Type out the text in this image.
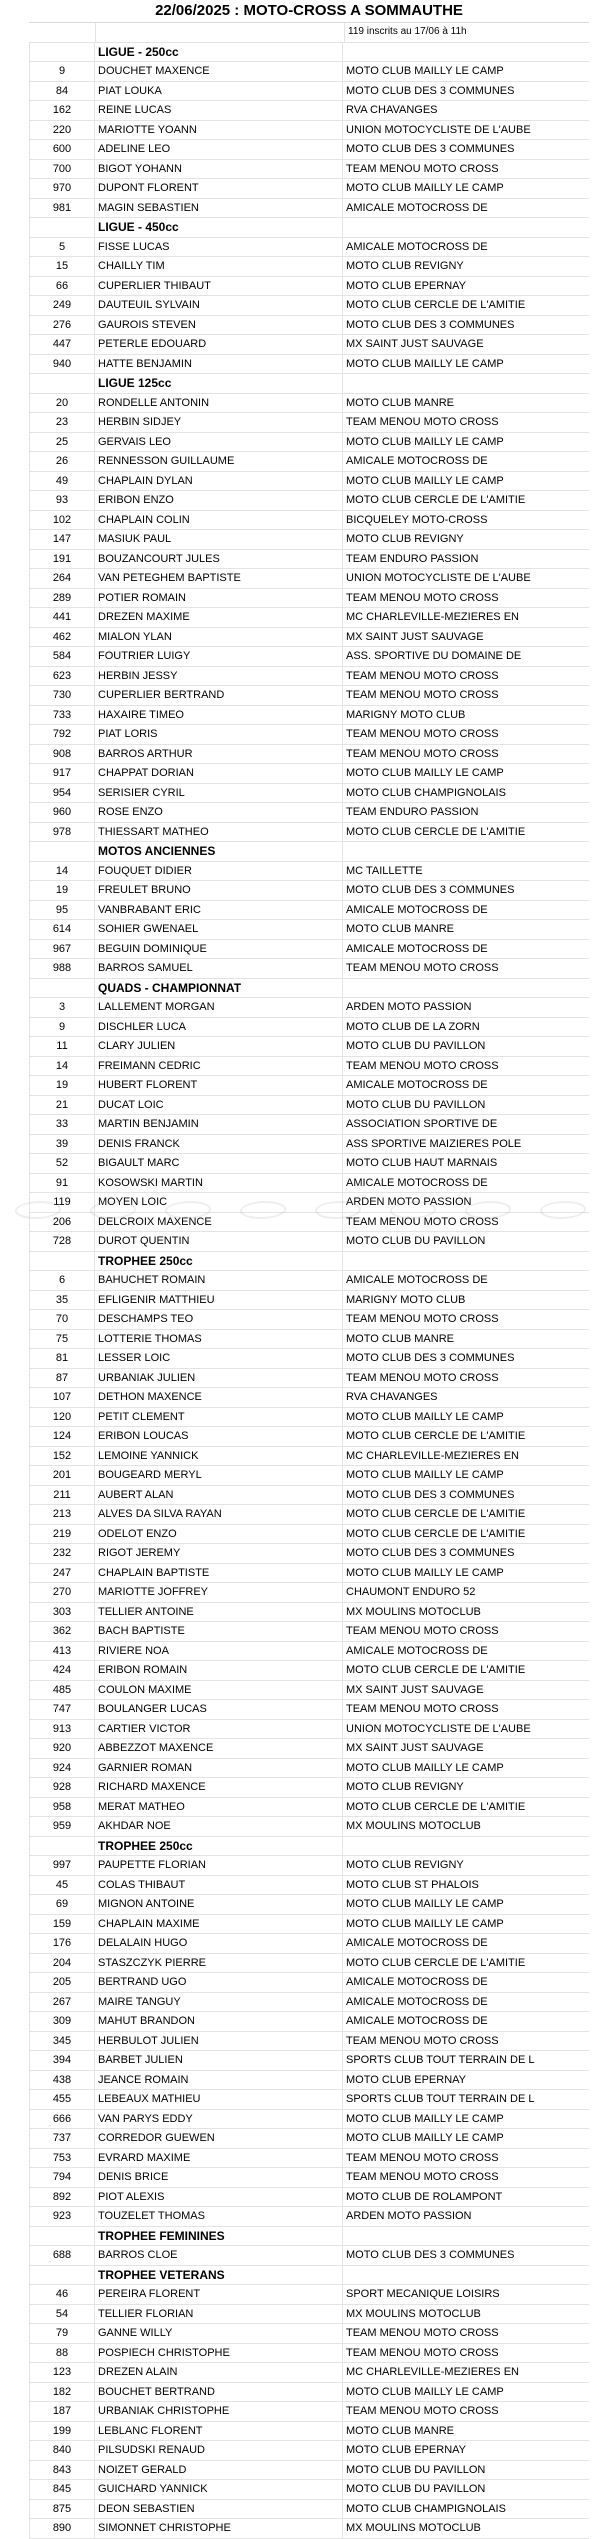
22/06/2025 : MOTO-CROSS A SOMMAUTHE
119 inscrits au 17/06 à 11h
LIGUE - 250cc
9	DOUCHET MAXENCE	MOTO CLUB MAILLY LE CAMP
84	PIAT LOUKA	MOTO CLUB DES 3 COMMUNES
162	REINE LUCAS	RVA CHAVANGES
220	MARIOTTE YOANN	UNION MOTOCYCLISTE DE L'AUBE
600	ADELINE LEO	MOTO CLUB DES 3 COMMUNES
700	BIGOT YOHANN	TEAM MENOU MOTO CROSS
970	DUPONT FLORENT	MOTO CLUB MAILLY LE CAMP
981	MAGIN SEBASTIEN	AMICALE MOTOCROSS DE
LIGUE - 450cc
5	FISSE LUCAS	AMICALE MOTOCROSS DE
15	CHAILLY TIM	MOTO CLUB REVIGNY
66	CUPERLIER THIBAUT	MOTO CLUB EPERNAY
249	DAUTEUIL SYLVAIN	MOTO CLUB CERCLE DE L'AMITIE
276	GAUROIS STEVEN	MOTO CLUB DES 3 COMMUNES
447	PETERLE EDOUARD	MX SAINT JUST SAUVAGE
940	HATTE BENJAMIN	MOTO CLUB MAILLY LE CAMP
LIGUE 125cc
20	RONDELLE ANTONIN	MOTO CLUB MANRE
23	HERBIN SIDJEY	TEAM MENOU MOTO CROSS
25	GERVAIS LEO	MOTO CLUB MAILLY LE CAMP
26	RENNESSON GUILLAUME	AMICALE MOTOCROSS DE
49	CHAPLAIN DYLAN	MOTO CLUB MAILLY LE CAMP
93	ERIBON ENZO	MOTO CLUB CERCLE DE L'AMITIE
102	CHAPLAIN COLIN	BICQUELEY MOTO-CROSS
147	MASIUK PAUL	MOTO CLUB REVIGNY
191	BOUZANCOURT JULES	TEAM ENDURO PASSION
264	VAN PETEGHEM BAPTISTE	UNION MOTOCYCLISTE DE L'AUBE
289	POTIER ROMAIN	TEAM MENOU MOTO CROSS
441	DREZEN MAXIME	MC CHARLEVILLE-MEZIERES EN
462	MIALON YLAN	MX SAINT JUST SAUVAGE
584	FOUTRIER LUIGY	ASS. SPORTIVE DU DOMAINE DE
623	HERBIN JESSY	TEAM MENOU MOTO CROSS
730	CUPERLIER BERTRAND	TEAM MENOU MOTO CROSS
733	HAXAIRE TIMEO	MARIGNY MOTO CLUB
792	PIAT LORIS	TEAM MENOU MOTO CROSS
908	BARROS ARTHUR	TEAM MENOU MOTO CROSS
917	CHAPPAT DORIAN	MOTO CLUB MAILLY LE CAMP
954	SERISIER CYRIL	MOTO CLUB CHAMPIGNOLAIS
960	ROSE ENZO	TEAM ENDURO PASSION
978	THIESSART MATHEO	MOTO CLUB CERCLE DE L'AMITIE
MOTOS ANCIENNES
14	FOUQUET DIDIER	MC TAILLETTE
19	FREULET BRUNO	MOTO CLUB DES 3 COMMUNES
95	VANBRABANT ERIC	AMICALE MOTOCROSS DE
614	SOHIER GWENAEL	MOTO CLUB MANRE
967	BEGUIN DOMINIQUE	AMICALE MOTOCROSS DE
988	BARROS SAMUEL	TEAM MENOU MOTO CROSS
QUADS - CHAMPIONNAT
3	LALLEMENT MORGAN	ARDEN MOTO PASSION
9	DISCHLER LUCA	MOTO CLUB DE LA ZORN
11	CLARY JULIEN	MOTO CLUB DU PAVILLON
14	FREIMANN CEDRIC	TEAM MENOU MOTO CROSS
19	HUBERT FLORENT	AMICALE MOTOCROSS DE
21	DUCAT LOIC	MOTO CLUB DU PAVILLON
33	MARTIN BENJAMIN	ASSOCIATION SPORTIVE DE
39	DENIS FRANCK	ASS SPORTIVE MAIZIERES POLE
52	BIGAULT MARC	MOTO CLUB HAUT MARNAIS
91	KOSOWSKI MARTIN	AMICALE MOTOCROSS DE
119	MOYEN LOIC	ARDEN MOTO PASSION
206	DELCROIX MAXENCE	TEAM MENOU MOTO CROSS
728	DUROT QUENTIN	MOTO CLUB DU PAVILLON
TROPHEE 250cc
6	BAHUCHET ROMAIN	AMICALE MOTOCROSS DE
35	EFLIGENIR MATTHIEU	MARIGNY MOTO CLUB
70	DESCHAMPS TEO	TEAM MENOU MOTO CROSS
75	LOTTERIE THOMAS	MOTO CLUB MANRE
81	LESSER LOIC	MOTO CLUB DES 3 COMMUNES
87	URBANIAK JULIEN	TEAM MENOU MOTO CROSS
107	DETHON MAXENCE	RVA CHAVANGES
120	PETIT CLEMENT	MOTO CLUB MAILLY LE CAMP
124	ERIBON LOUCAS	MOTO CLUB CERCLE DE L'AMITIE
152	LEMOINE YANNICK	MC CHARLEVILLE-MEZIERES EN
201	BOUGEARD MERYL	MOTO CLUB MAILLY LE CAMP
211	AUBERT ALAN	MOTO CLUB DES 3 COMMUNES
213	ALVES DA SILVA RAYAN	MOTO CLUB CERCLE DE L'AMITIE
219	ODELOT ENZO	MOTO CLUB CERCLE DE L'AMITIE
232	RIGOT JEREMY	MOTO CLUB DES 3 COMMUNES
247	CHAPLAIN BAPTISTE	MOTO CLUB MAILLY LE CAMP
270	MARIOTTE JOFFREY	CHAUMONT ENDURO 52
303	TELLIER ANTOINE	MX MOULINS MOTOCLUB
362	BACH BAPTISTE	TEAM MENOU MOTO CROSS
413	RIVIERE NOA	AMICALE MOTOCROSS DE
424	ERIBON ROMAIN	MOTO CLUB CERCLE DE L'AMITIE
485	COULON MAXIME	MX SAINT JUST SAUVAGE
747	BOULANGER LUCAS	TEAM MENOU MOTO CROSS
913	CARTIER VICTOR	UNION MOTOCYCLISTE DE L'AUBE
920	ABBEZZOT MAXENCE	MX SAINT JUST SAUVAGE
924	GARNIER ROMAN	MOTO CLUB MAILLY LE CAMP
928	RICHARD MAXENCE	MOTO CLUB REVIGNY
958	MERAT MATHEO	MOTO CLUB CERCLE DE L'AMITIE
959	AKHDAR NOE	MX MOULINS MOTOCLUB
TROPHEE 250cc
997	PAUPETTE FLORIAN	MOTO CLUB REVIGNY
45	COLAS THIBAUT	MOTO CLUB ST PHALOIS
69	MIGNON ANTOINE	MOTO CLUB MAILLY LE CAMP
159	CHAPLAIN MAXIME	MOTO CLUB MAILLY LE CAMP
176	DELALAIN HUGO	AMICALE MOTOCROSS DE
204	STASZCZYK PIERRE	MOTO CLUB CERCLE DE L'AMITIE
205	BERTRAND UGO	AMICALE MOTOCROSS DE
267	MAIRE TANGUY	AMICALE MOTOCROSS DE
309	MAHUT BRANDON	AMICALE MOTOCROSS DE
345	HERBULOT JULIEN	TEAM MENOU MOTO CROSS
394	BARBET JULIEN	SPORTS CLUB TOUT TERRAIN DE L
438	JEANCE ROMAIN	MOTO CLUB EPERNAY
455	LEBEAUX MATHIEU	SPORTS CLUB TOUT TERRAIN DE L
666	VAN PARYS EDDY	MOTO CLUB MAILLY LE CAMP
737	CORREDOR GUEWEN	MOTO CLUB MAILLY LE CAMP
753	EVRARD MAXIME	TEAM MENOU MOTO CROSS
794	DENIS BRICE	TEAM MENOU MOTO CROSS
892	PIOT ALEXIS	MOTO CLUB DE ROLAMPONT
923	TOUZELET THOMAS	ARDEN MOTO PASSION
TROPHEE FEMININES
688	BARROS CLOE	MOTO CLUB DES 3 COMMUNES
TROPHEE VETERANS
46	PEREIRA FLORENT	SPORT MECANIQUE LOISIRS
54	TELLIER FLORIAN	MX MOULINS MOTOCLUB
79	GANNE WILLY	TEAM MENOU MOTO CROSS
88	POSPIECH CHRISTOPHE	TEAM MENOU MOTO CROSS
123	DREZEN ALAIN	MC CHARLEVILLE-MEZIERES EN
182	BOUCHET BERTRAND	MOTO CLUB MAILLY LE CAMP
187	URBANIAK CHRISTOPHE	TEAM MENOU MOTO CROSS
199	LEBLANC FLORENT	MOTO CLUB MANRE
840	PILSUDSKI RENAUD	MOTO CLUB EPERNAY
843	NOIZET GERALD	MOTO CLUB DU PAVILLON
845	GUICHARD YANNICK	MOTO CLUB DU PAVILLON
875	DEON SEBASTIEN	MOTO CLUB CHAMPIGNOLAIS
890	SIMONNET CHRISTOPHE	MX MOULINS MOTOCLUB
